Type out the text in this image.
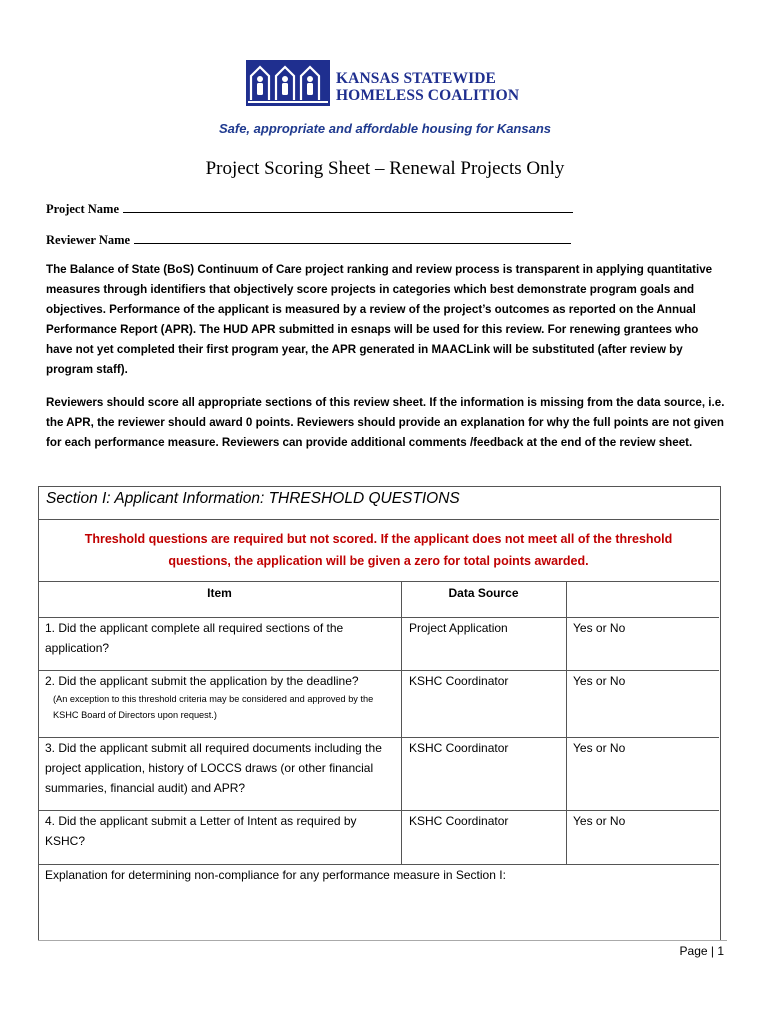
KANSAS STATEWIDE
HOMELESS COALITION
Safe, appropriate and affordable housing for Kansans
Project Scoring Sheet – Renewal Projects Only
Project Name
Reviewer Name
The Balance of State (BoS) Continuum of Care project ranking and review process is transparent in applying quantitative measures through identifiers that objectively score projects in categories which best demonstrate program goals and objectives. Performance of the applicant is measured by a review of the project’s outcomes as reported on the Annual Performance Report (APR). The HUD APR submitted in esnaps will be used for this review. For renewing grantees who have not yet completed their first program year, the APR generated in MAACLink will be substituted (after review by program staff).
Reviewers should score all appropriate sections of this review sheet. If the information is missing from the data source, i.e. the APR, the reviewer should award 0 points. Reviewers should provide an explanation for why the full points are not given for each performance measure. Reviewers can provide additional comments /feedback at the end of the review sheet.
Section I: Applicant Information: THRESHOLD QUESTIONS
Threshold questions are required but not scored. If the applicant does not meet all of the threshold
questions, the application will be given a zero for total points awarded.
Item	Data Source
1. Did the applicant complete all required sections of the application?
Project Application	Yes or No
2. Did the applicant submit the application by the deadline?
(An exception to this threshold criteria may be considered and approved by the KSHC Board of Directors upon request.)
KSHC Coordinator	Yes or No
3. Did the applicant submit all required documents including the project application, history of LOCCS draws (or other financial summaries, financial audit) and APR?
KSHC Coordinator	Yes or No
4. Did the applicant submit a Letter of Intent as required by KSHC?
KSHC Coordinator	Yes or No
Explanation for determining non-compliance for any performance measure in Section I:
Page | 1
